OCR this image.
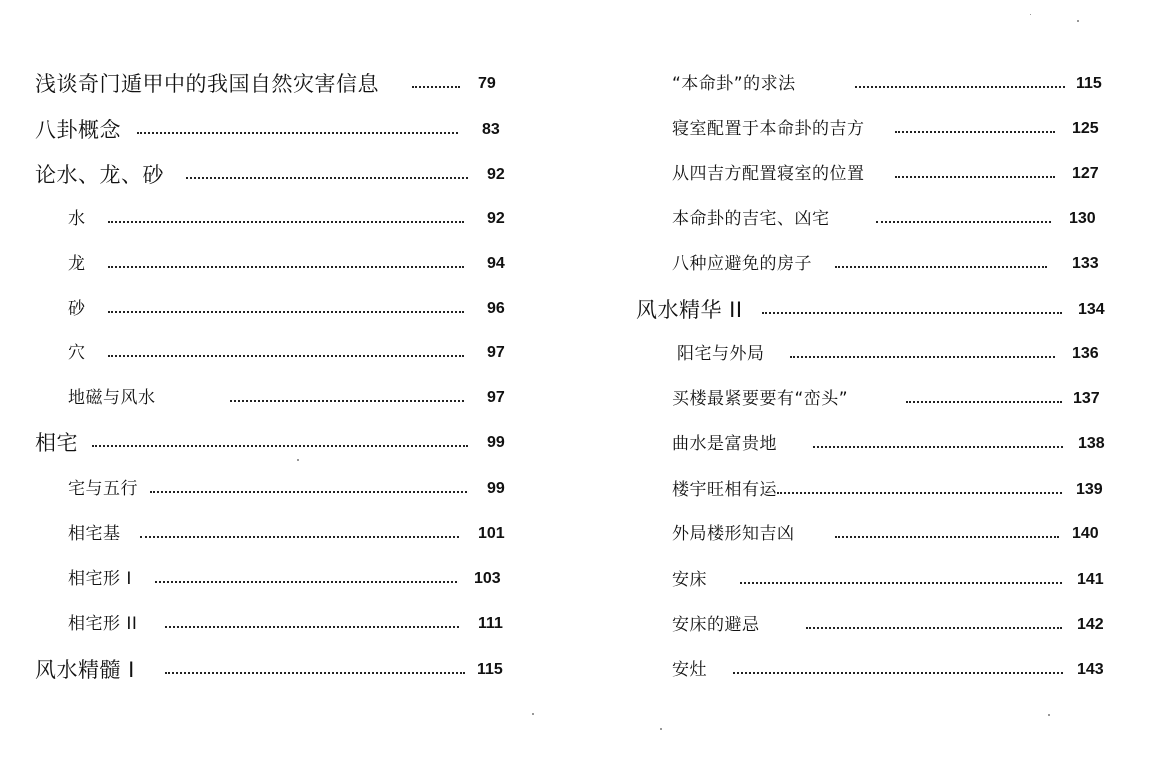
浅谈奇门遁甲中的我国自然灾害信息	79
八卦概念	83
论水、龙、砂	92
水	92
龙	94
砂	96
穴	97
地磁与风水	97
相宅	99
宅与五行	99
相宅基	101
相宅形 I	103
相宅形 II	111
风水精髓 I	115
“本命卦”的求法	115
寝室配置于本命卦的吉方	125
从四吉方配置寝室的位置	127
本命卦的吉宅、凶宅	130
八种应避免的房子	133
风水精华 II	134
阳宅与外局	136
买楼最紧要要有“峦头”	137
曲水是富贵地	138
楼宇旺相有运	139
外局楼形知吉凶	140
安床	141
安床的避忌	142
安灶	143
